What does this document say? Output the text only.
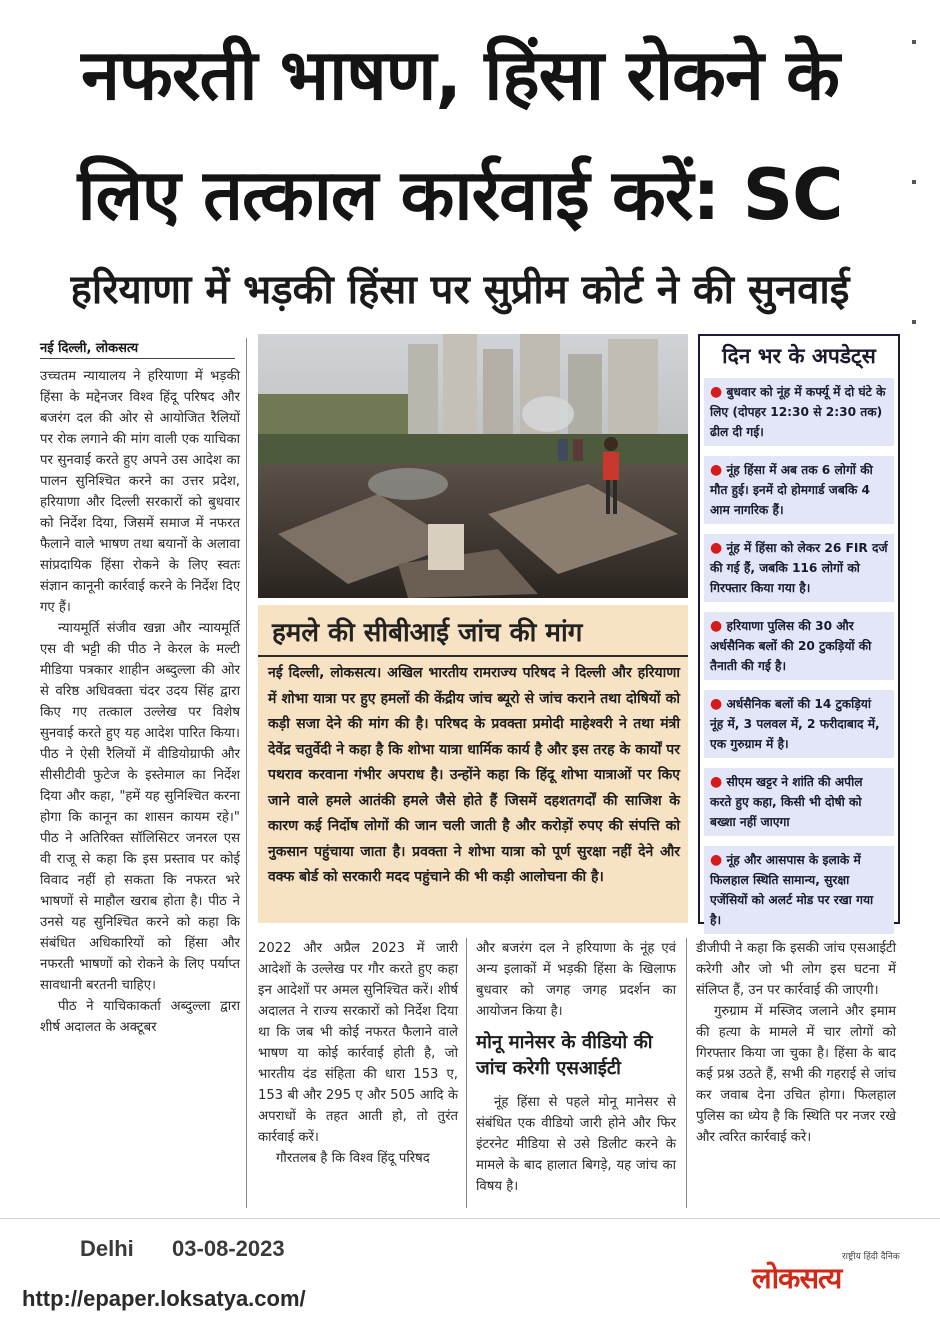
नफरती भाषण, हिंसा रोकने के
लिए तत्काल कार्रवाई करें: SC
हरियाणा में भड़की हिंसा पर सुप्रीम कोर्ट ने की सुनवाई
नई दिल्ली, लोकसत्य

उच्चतम न्यायालय ने हरियाणा में भड़की हिंसा के मद्देनजर विश्व हिंदू परिषद और बजरंग दल की ओर से आयोजित रैलियों पर रोक लगाने की मांग वाली एक याचिका पर सुनवाई करते हुए अपने उस आदेश का पालन सुनिश्चित करने का उत्तर प्रदेश, हरियाणा और दिल्ली सरकारों को बुधवार को निर्देश दिया, जिसमें समाज में नफरत फैलाने वाले भाषण तथा बयानों के अलावा सांप्रदायिक हिंसा रोकने के लिए स्वतः संज्ञान कानूनी कार्रवाई करने के निर्देश दिए गए हैं।

न्यायमूर्ति संजीव खन्ना और न्यायमूर्ति एस वी भट्टी की पीठ ने केरल के मल्टी मीडिया पत्रकार शाहीन अब्दुल्ला की ओर से वरिष्ठ अधिवक्ता चंदर उदय सिंह द्वारा किए गए तत्काल उल्लेख पर विशेष सुनवाई करते हुए यह आदेश पारित किया। पीठ ने ऐसी रैलियों में वीडियोग्राफी और सीसीटीवी फुटेज के इस्तेमाल का निर्देश दिया और कहा, "हमें यह सुनिश्चित करना होगा कि कानून का शासन कायम रहे।" पीठ ने अतिरिक्त सॉलिसिटर जनरल एस वी राजू से कहा कि इस प्रस्ताव पर कोई विवाद नहीं हो सकता कि नफरत भरे भाषणों से माहौल खराब होता है। पीठ ने उनसे यह सुनिश्चित करने को कहा कि संबंधित अधिकारियों को हिंसा और नफरती भाषणों को रोकने के लिए पर्याप्त सावधानी बरतनी चाहिए।

पीठ ने याचिकाकर्ता अब्दुल्ला द्वारा शीर्ष अदालत के अक्टूबर

हमले की सीबीआई जांच की मांग
नई दिल्ली, लोकसत्य। अखिल भारतीय रामराज्य परिषद ने दिल्ली और हरियाणा में शोभा यात्रा पर हुए हमलों की केंद्रीय जांच ब्यूरो से जांच कराने तथा दोषियों को कड़ी सजा देने की मांग की है। परिषद के प्रवक्ता प्रमोदी माहेश्वरी ने तथा मंत्री देवेंद्र चतुर्वेदी ने कहा है कि शोभा यात्रा धार्मिक कार्य है और इस तरह के कार्यों पर पथराव करवाना गंभीर अपराध है। उन्होंने कहा कि हिंदू शोभा यात्राओं पर किए जाने वाले हमले आतंकी हमले जैसे होते हैं जिसमें दहशतगर्दों की साजिश के कारण कई निर्दोष लोगों की जान चली जाती है और करोड़ों रुपए की संपत्ति को नुकसान पहुंचाया जाता है। प्रवक्ता ने शोभा यात्रा को पूर्ण सुरक्षा नहीं देने और वक्फ बोर्ड को सरकारी मदद पहुंचाने की भी कड़ी आलोचना की है।
दिन भर के अपडेट्स
● बुधवार को नूंह में कर्फ्यू में दो घंटे के लिए (दोपहर 12:30 से 2:30 तक) ढील दी गई।
● नूंह हिंसा में अब तक 6 लोगों की मौत हुई। इनमें दो होमगार्ड जबकि 4 आम नागरिक हैं।
● नूंह में हिंसा को लेकर 26 FIR दर्ज की गई हैं, जबकि 116 लोगों को गिरफ्तार किया गया है।
● हरियाणा पुलिस की 30 और अर्धसैनिक बलों की 20 टुकड़ियों की तैनाती की गई है।
● अर्धसैनिक बलों की 14 टुकड़ियां नूंह में, 3 पलवल में, 2 फरीदाबाद में, एक गुरुग्राम में है।
● सीएम खट्टर ने शांति की अपील करते हुए कहा, किसी भी दोषी को बख्शा नहीं जाएगा
● नूंह और आसपास के इलाके में फिलहाल स्थिति सामान्य, सुरक्षा एजेंसियों को अलर्ट मोड पर रखा गया है।

2022 और अप्रैल 2023 में जारी आदेशों के उल्लेख पर गौर करते हुए कहा इन आदेशों पर अमल सुनिश्चित करें। शीर्ष अदालत ने राज्य सरकारों को निर्देश दिया था कि जब भी कोई नफरत फैलाने वाले भाषण या कोई कार्रवाई होती है, जो भारतीय दंड संहिता की धारा 153 ए, 153 बी और 295 ए और 505 आदि के अपराधों के तहत आती हो, तो तुरंत कार्रवाई करें।

गौरतलब है कि विश्व हिंदू परिषद

और बजरंग दल ने हरियाणा के नूंह एवं अन्य इलाकों में भड़की हिंसा के खिलाफ बुधवार को जगह जगह प्रदर्शन का आयोजन किया है।

मोनू मानेसर के वीडियो की जांच करेगी एसआईटी

नूंह हिंसा से पहले मोनू मानेसर से संबंधित एक वीडियो जारी होने और फिर इंटरनेट मीडिया से उसे डिलीट करने के मामले के बाद हालात बिगड़े, यह जांच का विषय है।

डीजीपी ने कहा कि इसकी जांच एसआईटी करेगी और जो भी लोग इस घटना में संलिप्त हैं, उन पर कार्रवाई की जाएगी।

गुरुग्राम में मस्जिद जलाने और इमाम की हत्या के मामले में चार लोगों को गिरफ्तार किया जा चुका है। हिंसा के बाद कई प्रश्न उठते हैं, सभी की गहराई से जांच कर जवाब देना उचित होगा। फिलहाल पुलिस का ध्येय है कि स्थिति पर नजर रखे और त्वरित कार्रवाई करे।

Delhi 03-08-2023
http://epaper.loksatya.com/
राष्ट्रीय हिंदी दैनिक
लोकसत्य
